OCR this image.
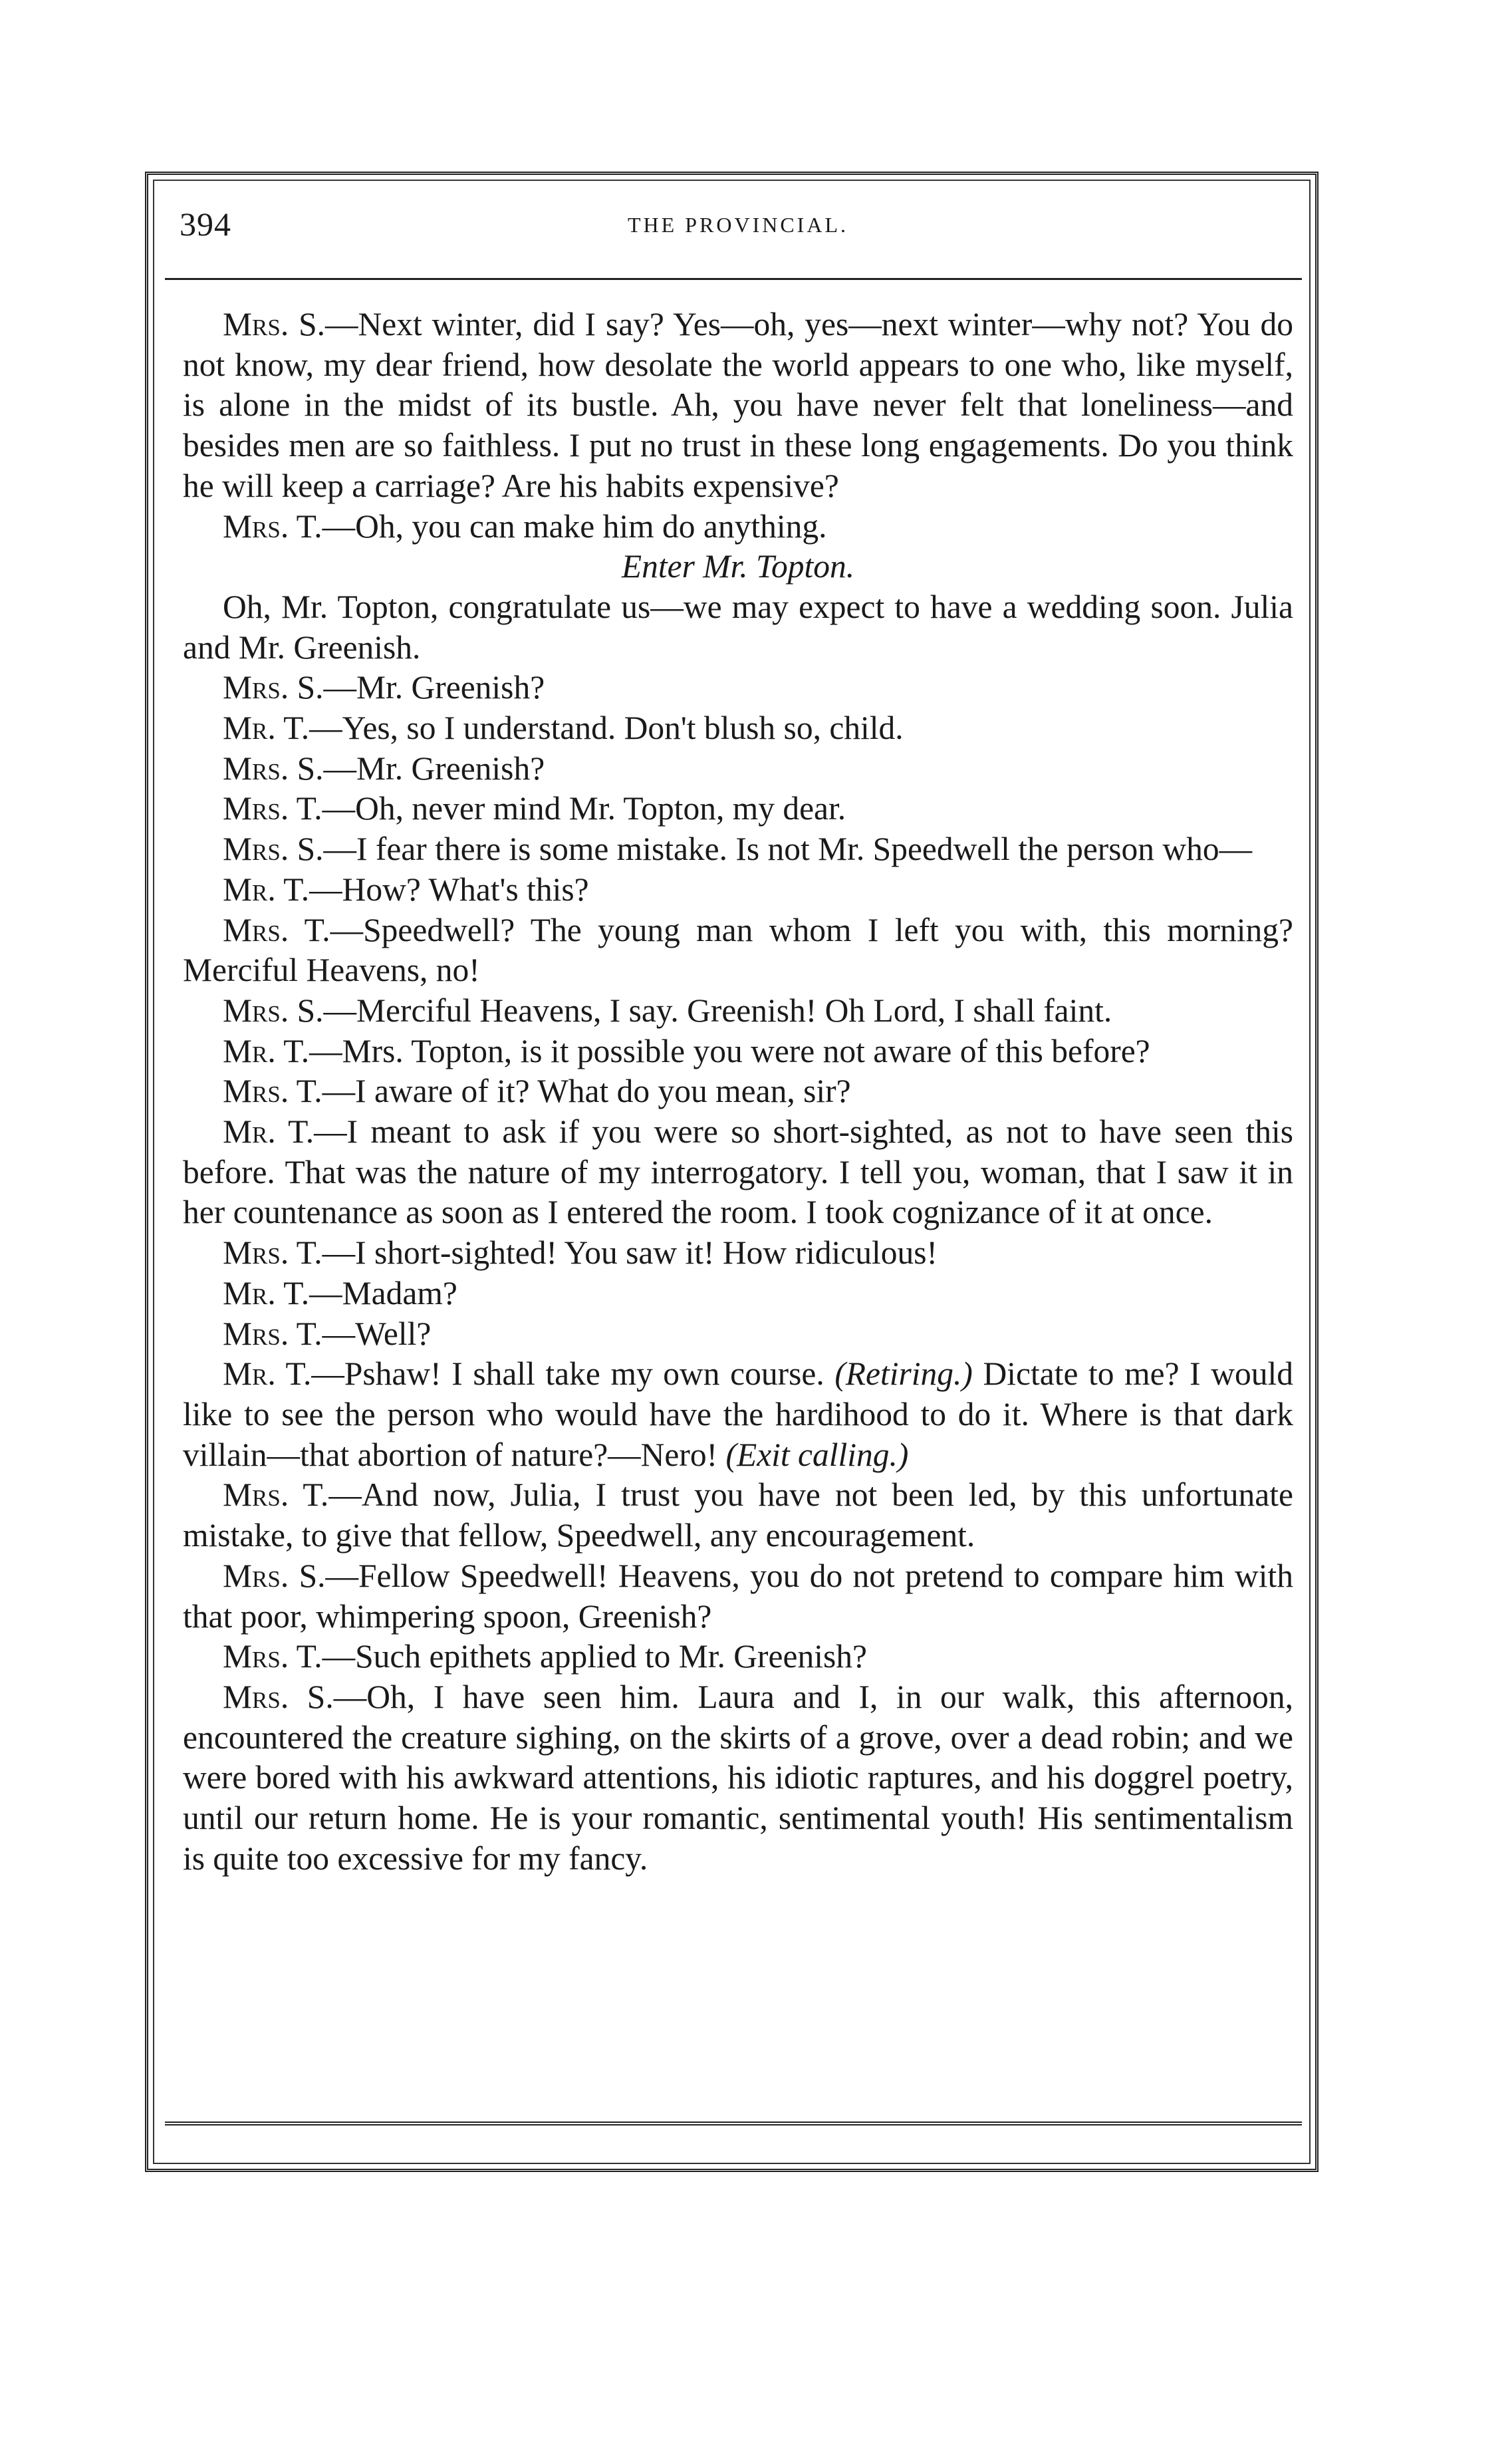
394	THE PROVINCIAL.

Mrs. S.—Next winter, did I say? Yes—oh, yes—next winter—why not? You do not know, my dear friend, how desolate the world appears to one who, like myself, is alone in the midst of its bustle. Ah, you have never felt that loneliness—and besides men are so faithless. I put no trust in these long engagements. Do you think he will keep a carriage? Are his habits expensive?

Mrs. T.—Oh, you can make him do anything.

Enter Mr. Topton.

Oh, Mr. Topton, congratulate us—we may expect to have a wedding soon. Julia and Mr. Greenish.

Mrs. S.—Mr. Greenish?

Mr. T.—Yes, so I understand. Don't blush so, child.

Mrs. S.—Mr. Greenish?

Mrs. T.—Oh, never mind Mr. Topton, my dear.

Mrs. S.—I fear there is some mistake. Is not Mr. Speedwell the person who—

Mr. T.—How? What's this?

Mrs. T.—Speedwell? The young man whom I left you with, this morning? Merciful Heavens, no!

Mrs. S.—Merciful Heavens, I say. Greenish! Oh Lord, I shall faint.

Mr. T.—Mrs. Topton, is it possible you were not aware of this before?

Mrs. T.—I aware of it? What do you mean, sir?

Mr. T.—I meant to ask if you were so short-sighted, as not to have seen this before. That was the nature of my interrogatory. I tell you, woman, that I saw it in her countenance as soon as I entered the room. I took cognizance of it at once.

Mrs. T.—I short-sighted! You saw it! How ridiculous!

Mr. T.—Madam?

Mrs. T.—Well?

Mr. T.—Pshaw! I shall take my own course. (Retiring.) Dictate to me? I would like to see the person who would have the hardihood to do it. Where is that dark villain—that abortion of nature?—Nero! (Exit calling.)

Mrs. T.—And now, Julia, I trust you have not been led, by this unfortunate mistake, to give that fellow, Speedwell, any encouragement.

Mrs. S.—Fellow Speedwell! Heavens, you do not pretend to compare him with that poor, whimpering spoon, Greenish?

Mrs. T.—Such epithets applied to Mr. Greenish?

Mrs. S.—Oh, I have seen him. Laura and I, in our walk, this afternoon, encountered the creature sighing, on the skirts of a grove, over a dead robin; and we were bored with his awkward attentions, his idiotic raptures, and his doggrel poetry, until our return home. He is your romantic, sentimental youth! His sentimentalism is quite too excessive for my fancy.
